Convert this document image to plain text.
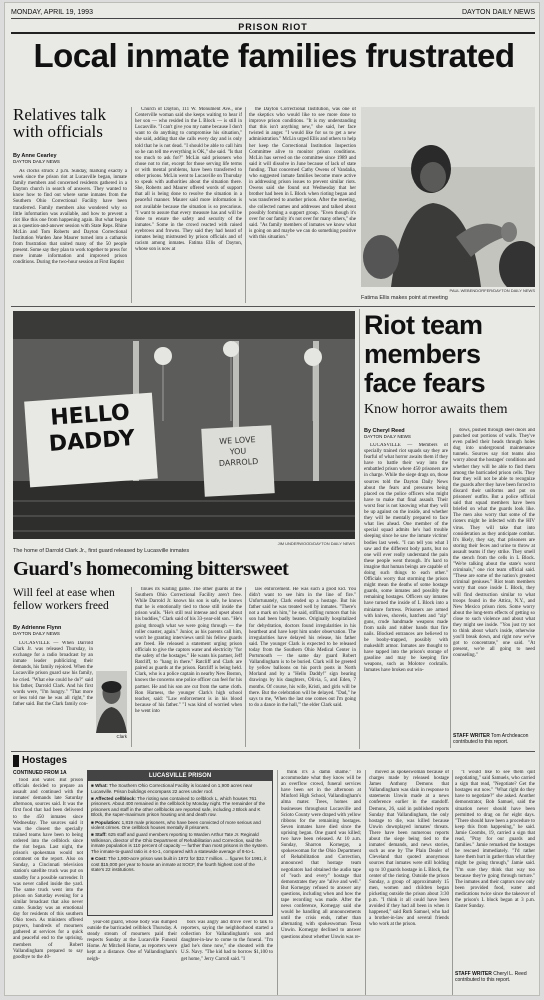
MONDAY, APRIL 19, 1993	DAYTON DAILY NEWS
PRISON RIOT
Local inmate families frustrated
Relatives talk with officials
By Anne Cearley
DAYTON DAILY NEWS

As clocks struck 2 p.m. Sunday, marking exactly a week since the prison riot at Lucasville began, inmate family members and concerned residents gathered in a Dayton church in search of answers. They wanted to know how to find out where some inmates from the Southern Ohio Correctional Facility have been transferred. Family members also wondered why so little information was available, and how to prevent a riot like this one from happening again. But what began as a question-and-answer session with State Reps. Rhine McLin and Tom Roberts and Dayton Correctional Institution Warden Jane Maurer turned into a catharsis from frustration that united many of the 50 people present. Some say they plan to work together to press for more inmate information and improved prison conditions. During the two-hour session at First Baptist

Church of Dayton, 111 W. Monument Ave., one Centerville woman said she keeps waiting to hear if her son — who resided in the L Block — is still in Lucasville. "I can't give you my name because I don't want to do anything to compromise his situation," she said, adding that she calls every day and is only told that he is not dead. "I should be able to call him so he can tell me everything is OK," she said. "Is that too much to ask for?" McLin said prisoners who chose not to riot, except for those serving life terms or with mental problems, have been transferred to other prisons. McLin went to Lucasville on Thursday to speak with authorities about the situation there. She, Roberts and Maurer offered words of support that all is being done to resolve the situation in a peaceful manner. Maurer said more information is not available because the situation is so precarious. "I want to assure that every measure has and will be done to ensure the safety and security of the inmates." Some in the crowd reacted with raised eyebrows and frowns. They said they had heard of inmates being mistreated by prison officials and of racism among inmates. Fatima Ellis of Dayton, whose son is now at

the Dayton Correctional Institution, was one of the skeptics who would like to see more done to improve prison conditions. "It is my understanding that this isn't anything new," she said, her face twisted in anger. "I would like for us to get a new administration." McLin urged Ellis and others to help her keep the Correctional Institution Inspection Committee alive to monitor prison conditions. McLin has served on the committee since 1989 and said it will dissolve in June because of lack of state funding. That concerned Cathy Owens of Vandalia, who suggested inmate families become more active in addressing prison issues to prevent similar riots. Owens said she found out Wednesday that her brother had been in L Block when rioting began and was transferred to another prison. After the meeting, she collected names and addresses and talked about possibly forming a support group. "Even though it's over for our family it's not over for many others," she said. "As family members of inmates we know what is going on and maybe we can do something positive with this situation."

PAUL WEBENDORFER/DAYTON DAILY NEWS
Fatima Ellis makes point at meeting
HELLO
DADDY	WE LOVE
YOU
DARROLD
JIM UNDERWOOD/DAYTON DAILY NEWS
The home of Darrold Clark Jr., first guard released by Lucasville inmates
Riot team
members
face fears
Know horror awaits them
By Cheryl Reed
DAYTON DAILY NEWS

LUCASVILLE — Members of specially trained riot squads say they are fearful of what horror awaits them if they have to battle their way into the embattled prison where 450 prisoners are in charge. While the siege drags on, those sources told the Dayton Daily News about the fears and pressures being placed on the police officers who might have to make that final assault. Their worst fear is not knowing what they will be up against on the inside, and whether they will be mentally prepared to face what lies ahead. One member of the special squad admits he's had trouble sleeping since he saw the inmate victims' bodies last week. "I can tell you what I saw and the different body parts, but no one will ever really understand the pain these people went through. It's hard to imagine that human beings are capable of doing such things to each other." Officials worry that storming the prison might mean the deaths of some hostage guards, some inmates and possibly the remaining hostages. Officers say inmates have turned the inside of L Block into a miniature fortress. Prisoners are armed with knives, shovels, hatchets and "zip" guns, crude handmade weapons made from nails and rubber bands that fire nails. Blocked entrances are believed to be booby-trapped, possibly with makeshift armor. Inmates are thought to have tapped into the prison's storage of gasoline and may be keeping fire weapons, such as Molotov cocktails. Inmates have broken out win-

dows, pushed through steel doors and punched out portions of walls. They've even pulled their heads through holes dug into underground maintenance tunnels. Sources say riot teams also worry about the hostages' conditions and whether they will be able to find them among the barricaded prison cells. They fear they will not be able to recognize the guards after they have been forced to discard their uniforms and put on prisoners' outfits. But a police official said that squad members have been briefed on what the guards look like. The men also worry that some of the rioters might be infected with the HIV virus. They will take that into consideration as they anticipate combat. It's likely, they say, that prisoners are storing their feces and urine to throw at assault teams if they strike. They smell the stench from the cells in L Block. "We're talking about the state's worst criminals," one riot team official said. "These are some of the nation's greatest criminal geniuses." Riot team members worry that once inside L Block, they will find destruction similar to what troops found in the Attica, N.Y., and New Mexico prison riots. Some worry about the long-term effects of getting so close to such violence and about what they might see inside. "You just try not to think about what's inside, otherwise you'll break down, and right now we've got to concentrate," one said. "At present, we're all going to need counseling."

STAFF WRITER Tom Archdeacon contributed to this report.
Guard's homecoming bittersweet
Will feel at ease when
fellow workers freed
By Adrienne Flynn
DAYTON DAILY NEWS

LUCASVILLE — When Darrold Clark Jr. was released Thursday, in exchange for a radio broadcast by an inmate leader publicizing their demands, his family rejoiced. When the Lucasville prison guard saw his family, he cried. "What else could he do?" said his father, Darrold Clark. And his first words were, "I'm hungry." "That more or less told me he was all right," the father said. But the Clark family con-

Clark

tinues its waiting game. The other guards at the Southern Ohio Correctional Facility aren't free. While Darrold Jr. knows his son is safe, he knows that he is emotionally tied to those still inside the prison walls. "He's still real intense and upset about his buddies," Clark said of his 33-year-old son. "He's going through what we were going through — the roller coaster, again." Junior, as his parents call him, won't be granting interviews until his fellow guards are freed. He released a statement urging prison officials to give the captors water and electricity "for the safety of the hostages." He wants his partner, Jeff Ratcliff, to "hang in there." Ratcliff and Clark are paired as guards at the prison. Ratcliff is being held. Clark, who is a police captain in nearby New Boston, knows the concerns one police officer can feel for his partner. He and his son are cut from the same cloth. Ron Harness, the younger Clark's high school teacher, said: "Law enforcement is in his blood because of his father." "I was kind of worried when he went into

law enforcement. He was such a good kid. You didn't want to see him in the line of fire." Unfortunately, Clark ended up a hostage. But his father said he was treated well by inmates. "There's not a mark on him," he said, stifling rumors that his son had been badly beaten. Originally hospitalized for dehydration, doctors found irregularities in his heartbeat and have kept him under observation. The irregularities have delayed his release, his father said. The younger Clark is expected to be released today from the Southern Ohio Medical Center in Portsmouth — the same day guard Robert Vallandingham is to be buried. Clark will be greeted by yellow balloons on his porch posts in North Morland and by a "Hello Daddy!" sign bearing drawings by his daughters, Olivia, 5, and Eden, 7 months. Of course, his wife, Kristi, and girls will be there. But the celebration will be delayed. "Dad," he says to me, 'When the last one comes out I'm going to do a dance in the hall,'" the elder Clark said.

Hostages
CONTINUED FROM 1A

food and water. But prison officials decided to prepare an assault and continued with the inmates' demands late Saturday afternoon, sources said. It was the first food that had been delivered to the 450 inmates since Wednesday. The sources said it was the closest the specially trained teams have been to being ordered into the cellblock since the riot began. Last night, the prison's spokesman would not comment on the report. Also on Sunday, a Cincinnati television station's satellite truck was put on standby for a possible surrender. It was never called inside the yard. The same truck went into the prison on Saturday evening for a similar broadcast that also never came. Sunday was an emotional day for residents of this southern Ohio town. As ministers offered prayers, hundreds of mourners gathered at services for a quick and peaceful end to the uprising, members of Robert Vallandingham prepared to say goodbye to the 40-

LUCASVILLE PRISON
■ What: The Southern Ohio Correctional Facility is located on 1,900 acres near Lucasville. Prison buildings encompass 22 acres under roof.
■ Affected cellblock: The rioting was contained to cellblock L, which houses 761 prisoners. About 400 remained in the cellblock by Monday night. The remainder of the prisoners and staff in the other cellblocks are reported safe, including J Block and K Block, the super-maximum prison housing unit and death row.
■ Population: 1,819 male prisoners, who have been convicted of more serious and violent crimes. One cellblock houses mentally ill prisoners.
■ Staff: 625 staff and guard members reporting to Warden Arthur Tate Jr. Reginald Wilkinson, director of the Ohio Department of Rehabilitation and Correction, said the inmate population is 110 percent of capacity — further than most prisons in the system. The inmate-to-guard ratio is 4-to-1, compared with a statewide average of 8-to-1.
■ Cost: The 1,900-acre prison was built in 1972 for $32.7 million. ... figures for 1991, it cost $15,000 per year to house an inmate at SOCF, the fourth highest cost of the state's 22 institutions.

year-old guard, whose body was dumped outside the barricaded cellblock Thursday. A steady stream of mourners paid their respects Sunday at the Lucasville Funeral Home. At Mitchell Home, as reporters were kept at a distance. One of Vallandingham's neigh-

bors was angry and drove over to talk to reporters, saying the neighborhood started a collection for Vallandingham's son and daughter-in-law to come to the funeral. "I'm glad he's done now," she shouted with the U.S. Navy. "The kid had to borrow $1,100 to get home," Jerry Carroll said. "I

think it's a damn shame." To accommodate what they know will be an overflow crowd, funeral services have been set in the afternoon at Minford High School, Vallandingham's alma mater. Trees, homes and businesses throughout Lucasville and Scioto County were draped with yellow ribbons for the remaining hostages. Seven inmates have died since the uprising began. One guard was killed; two have been released. At 10 a.m. Sunday, Sharron Kornegay, a spokeswoman for the Ohio Department of Rehabilitation and Correction, announced that hostage team negotiators had obtained the audio tape of "each and every" hostage that demonstrates they are "alive and well." But Kornegay refused to answer any questions, including when and how the tape recording was made. After the news conference, Kornegay said she would be handling all announcements until the crisis ends, rather than alternating with spokeswoman Tessa Unwin. Kornegay declined to answer questions about whether Unwin was re-

moved as spokeswoman because of charges made by released hostage James Anthony Demons that Vallandingham was slain in response to statements Unwin made at a news conference earlier in the standoff. Demons, 26, said in published reports Sunday that Vallandingham, the only hostage to die, was killed because Unwin downplayed inmates' threats. There have been numerous reports about the siege being tied to the inmates' demands, and news stories, such as one by The Plain Dealer of Cleveland that quoted anonymous sources that inmates were still holding up to 10 guards hostage in L Block, the center of the rioting. Outside the prison Sunday, a group of approximately 15 men, women and children began picketing outside the prison about 3:30 p.m. "I think it all could have been avoided if they had all been in when it happened," said Ruth Samuel, who had a brother-in-law and several friends who work at the prison.

"I would like to see them quit negotiating," said Samuels, who carried a sign that read, "Negotiate? Get the hostages out now." "What right do they have to negotiate?" she asked. Another demonstrator, Bob Samuel, said the situation never should have been permitted to drag on for eight days. "There should have been a procedure to keep this from happening," he said. Jamie Coombs, 19, carried a sign that read, "Pray for our guards and families." Jamie remarked the hostages be rescued immediately. "I'd rather have them hurt in gather than what they might be going through," Jamie said. "I'm sure they think that way too because they're going through torture." The inmates and their captors now only been provided food, water and medications twice since the takeover of the prison's L block began at 3 p.m. Easter Sunday.

STAFF WRITER Cheryl L. Reed contributed to this report.
